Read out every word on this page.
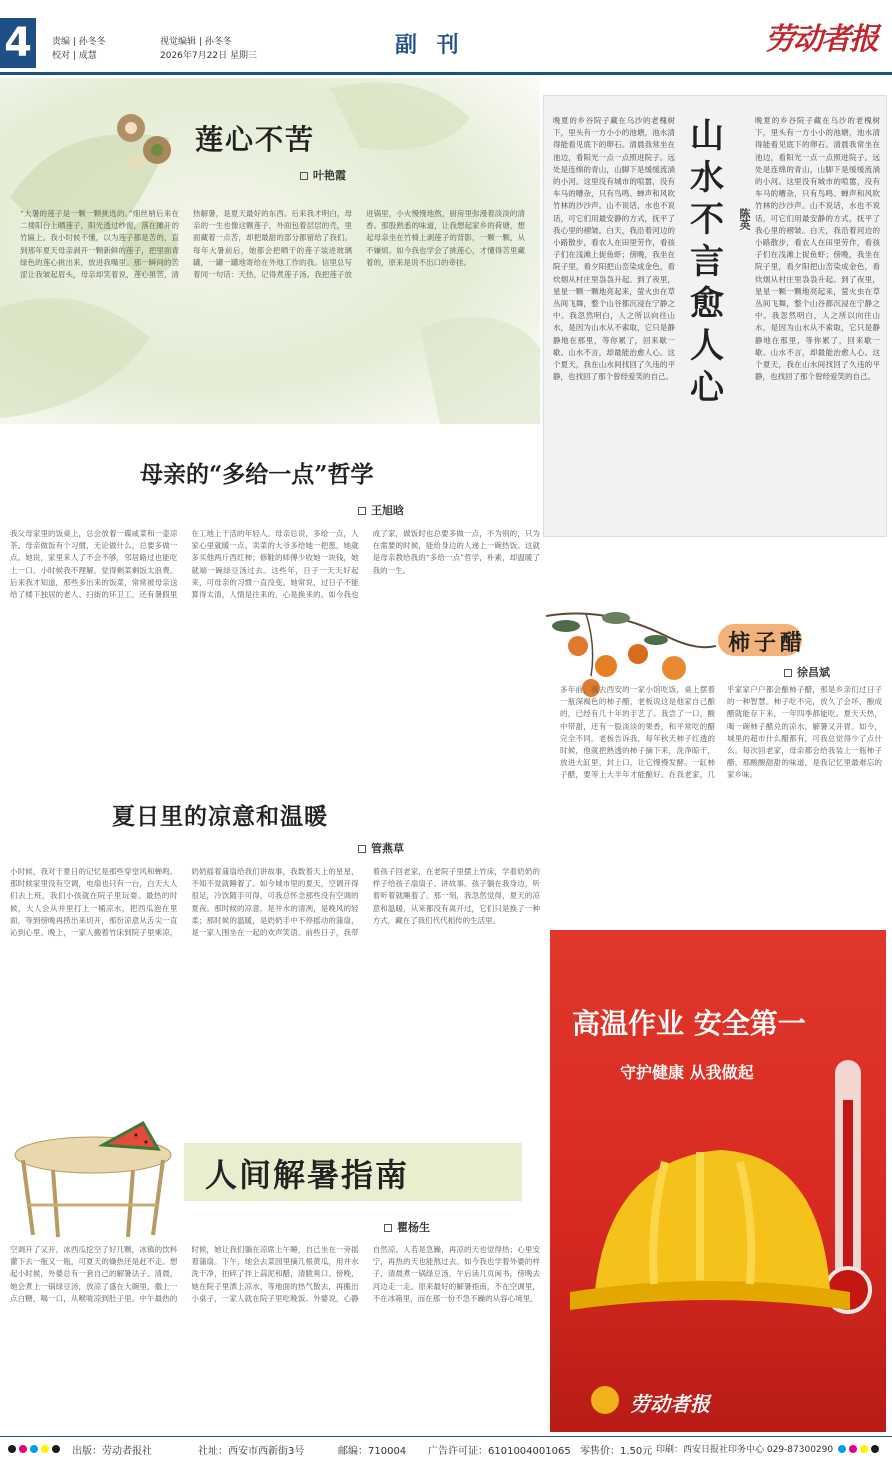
4	责编 | 孙冬冬
校对 | 成慧
视觉编辑 | 孙冬冬
2026年7月22日 星期三	副 刊	劳动者报
莲心不苦
叶艳霞
“大暑的莲子是一颗一颗挑选的。”细丝梢后来在二楼阳台上晒莲子，阳光透过纱窗，落在摊开的竹匾上。我小时候不懂，以为莲子都是苦的，直到那年夏天母亲剥开一颗新鲜的莲子，把里面青绿色的莲心挑出来，放进我嘴里。那一瞬间的苦涩让我皱起眉头，母亲却笑着说，莲心虽苦，清热解暑，是夏天最好的东西。后来我才明白，母亲的一生也像这颗莲子，外面包着层层的壳，里面藏着一点苦，却把最甜的部分都留给了我们。每年大暑前后，她都会把晒干的莲子装进玻璃罐，一罐一罐地寄给在外地工作的我。信里总写着同一句话：天热，记得煮莲子汤。我把莲子放进锅里，小火慢慢地熬，厨房里弥漫着淡淡的清香。那股熟悉的味道，让我想起家乡的荷塘，想起母亲坐在竹椅上剥莲子的背影，一颗一颗，从不嫌烦。如今我也学会了挑莲心，才懂得苦里藏着的，原来是说不出口的牵挂。
晚夏的乡谷院子藏在乌沙的老槐树下，里头有一方小小的池塘，池水清得能看见底下的卵石。清晨我常坐在池边，看阳光一点一点照进院子。远处是连绵的青山，山脚下是缓缓流淌的小河。这里没有城市的喧嚣，没有车马的嘈杂，只有鸟鸣、蝉声和风吹竹林的沙沙声。山不说话，水也不说话，可它们用最安静的方式，抚平了我心里的褶皱。白天，我沿着河边的小路散步，看农人在田里劳作，看孩子们在浅滩上捉鱼虾；傍晚，我坐在院子里，看夕阳把山峦染成金色，看炊烟从村庄里袅袅升起。到了夜里，星星一颗一颗地亮起来，萤火虫在草丛间飞舞，整个山谷都沉浸在宁静之中。我忽然明白，人之所以向往山水，是因为山水从不索取，它只是静静地在那里，等你累了，回来歇一歇。山水不言，却最能治愈人心。这个夏天，我在山水间找回了久违的平静，也找回了那个曾经爱笑的自己。
山水不言愈人心
陈英
晚夏的乡谷院子藏在乌沙的老槐树下，里头有一方小小的池塘，池水清得能看见底下的卵石。清晨我常坐在池边，看阳光一点一点照进院子。远处是连绵的青山，山脚下是缓缓流淌的小河。这里没有城市的喧嚣，没有车马的嘈杂，只有鸟鸣、蝉声和风吹竹林的沙沙声。山不说话，水也不说话，可它们用最安静的方式，抚平了我心里的褶皱。白天，我沿着河边的小路散步，看农人在田里劳作，看孩子们在浅滩上捉鱼虾；傍晚，我坐在院子里，看夕阳把山峦染成金色，看炊烟从村庄里袅袅升起。到了夜里，星星一颗一颗地亮起来，萤火虫在草丛间飞舞，整个山谷都沉浸在宁静之中。我忽然明白，人之所以向往山水，是因为山水从不索取，它只是静静地在那里，等你累了，回来歇一歇。山水不言，却最能治愈人心。这个夏天，我在山水间找回了久违的平静，也找回了那个曾经爱笑的自己。
母亲的“多给一点”哲学
王旭晗
我父母家里的饭桌上，总会放着一碟咸菜和一壶凉茶。母亲做饭有个习惯，无论做什么，总要多做一点。她说，家里来人了不会不够，邻居路过也能吃上一口。小时候我不理解，觉得剩菜剩饭太浪费。后来我才知道，那些多出来的饭菜，常常被母亲送给了楼下独居的老人、扫街的环卫工，还有暑假里在工地上干活的年轻人。母亲总说，多给一点，人家心里就暖一点。卖菜的大爷多给她一把葱，她就多买他两斤西红柿；修鞋的师傅少收她一块钱，她就端一碗绿豆汤过去。这些年，日子一天天好起来，可母亲的习惯一直没变。她常说，过日子不能算得太清，人情是往来的，心是换来的。如今我也成了家，做饭时也总要多做一点，不为别的，只为在需要的时候，能给身边的人递上一碗热饭。这就是母亲教给我的“多给一点”哲学，朴素，却温暖了我的一生。
柿子醋
徐昌斌
多年前，我去西安的一家小馆吃饭，桌上摆着一瓶深褐色的柿子醋，老板说这是他家自己酿的，已经有几十年的手艺了。我尝了一口，酸中带甜，还有一股淡淡的果香，和平常吃的醋完全不同。老板告诉我，每年秋天柿子红透的时候，他就把熟透的柿子摘下来，洗净晾干，放进大缸里，封上口，让它慢慢发酵。一缸柿子醋，要等上大半年才能酿好。在我老家，几乎家家户户都会酿柿子醋，那是乡亲们过日子的一种智慧。柿子吃不完，放久了会坏，酿成醋就能存下来，一年四季都能吃。夏天天热，喝一碗柿子醋兑的凉水，解暑又开胃。如今，城里的超市什么醋都有，可我总觉得少了点什么。每次回老家，母亲都会给我装上一瓶柿子醋，那酸酸甜甜的味道，是我记忆里最难忘的家乡味。
夏日里的凉意和温暖
管燕草
小时候，我对于夏日的记忆是那些穿堂风和蝉鸣。那时候家里没有空调，电扇也只有一台，白天大人们去上班，我们小孩就在院子里玩耍。最热的时候，大人会从井里打上一桶凉水，把西瓜泡在里面，等到傍晚再捞出来切开，那份凉意从舌尖一直沁到心里。晚上，一家人搬着竹床到院子里乘凉，奶奶摇着蒲扇给我们讲故事，我数着天上的星星，不知不觉就睡着了。如今城市里的夏天，空调开得很足，冷饮随手可得，可我总怀念那些没有空调的夏夜。那时候的凉意，是井水的清冽，是晚风的轻柔；那时候的温暖，是奶奶手中不停摇动的蒲扇，是一家人围坐在一起的欢声笑语。前些日子，我带着孩子回老家，在老院子里摆上竹床，学着奶奶的样子给孩子扇扇子、讲故事。孩子躺在我身边，听着听着就睡着了。那一刻，我忽然觉得，夏天的凉意和温暖，从来都没有离开过，它们只是换了一种方式，藏在了我们代代相传的生活里。
人间解暑指南
瞿杨生
空调开了又开，冰西瓜挖空了好几颗，冰镇的饮料灌下去一瓶又一瓶，可夏天的燥热还是赶不走。想起小时候，外婆总有一套自己的解暑法子。清晨，她会煮上一锅绿豆汤，放凉了盛在大碗里，撒上一点白糖，喝一口，从喉咙凉到肚子里。中午最热的时候，她让我们躺在凉席上午睡，自己坐在一旁摇着蒲扇。下午，她会去菜园里摘几根黄瓜，用井水洗干净，拍碎了拌上蒜泥和醋，清脆爽口。傍晚，她在院子里洒上凉水，等地面的热气散去，再搬出小桌子，一家人就在院子里吃晚饭。外婆说，心静自然凉。人若是急躁，再凉的天也觉得热；心里安宁，再热的天也能熬过去。如今我也学着外婆的样子，清晨煮一锅绿豆汤，午后读几页闲书，傍晚去河边走一走。原来最好的解暑指南，不在空调里，不在冰箱里，而在那一份不急不躁的从容心境里。
高温作业 安全第一
守护健康 从我做起
劳动者报
出版：劳动者报社	社址：西安市西新街3号	邮编：710004 广告许可证：6101004001065 零售价：1.50元 印刷：西安日报社印务中心 029-87300290
